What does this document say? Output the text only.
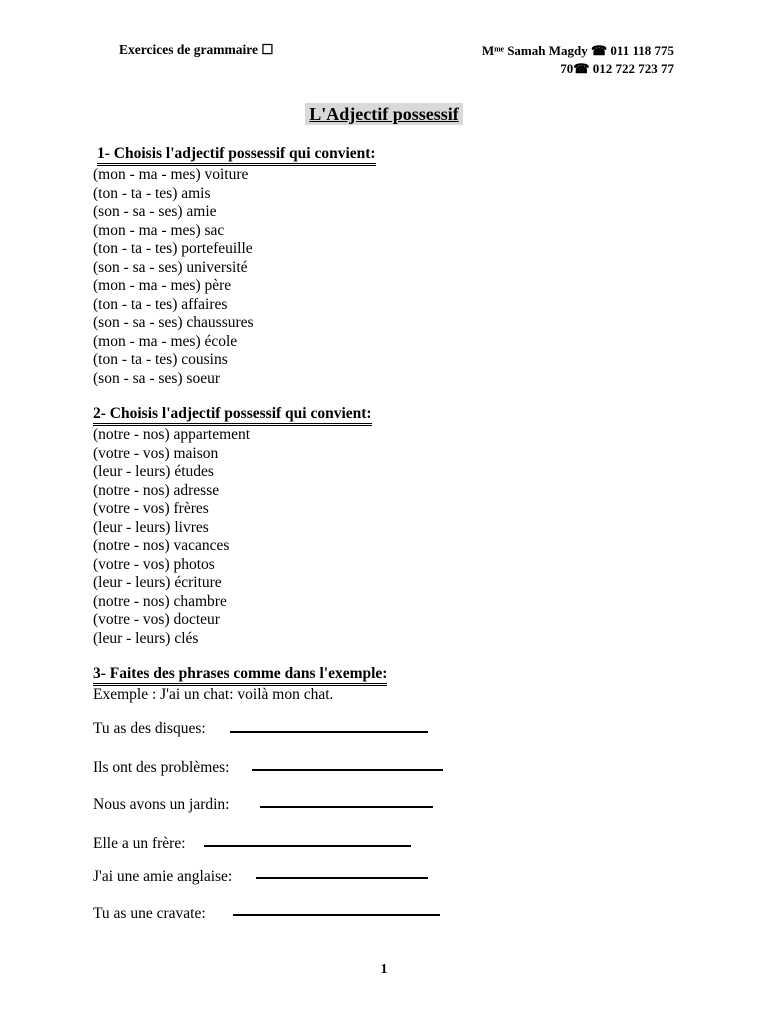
Exercices de grammaire ☐	Mᵐᵉ Samah Magdy ☎ 011 118 775
70☎ 012 722 723 77
L'Adjectif possessif
1- Choisis l'adjectif possessif qui convient:
(mon - ma - mes) voiture
(ton - ta - tes) amis
(son - sa - ses) amie
(mon - ma - mes) sac
(ton - ta - tes) portefeuille
(son - sa - ses) université
(mon - ma - mes) père
(ton - ta - tes) affaires
(son - sa - ses) chaussures
(mon - ma - mes) école
(ton - ta - tes) cousins
(son - sa - ses) soeur
2- Choisis l'adjectif possessif qui convient:
(notre - nos) appartement
(votre - vos) maison
(leur - leurs) études
(notre - nos) adresse
(votre - vos) frères
(leur - leurs) livres
(notre - nos) vacances
(votre - vos) photos
(leur - leurs) écriture
(notre - nos) chambre
(votre - vos) docteur
(leur - leurs) clés
3- Faites des phrases comme dans l'exemple:
Exemple : J'ai un chat: voilà mon chat.
Tu as des disques:
Ils ont des problèmes:
Nous avons un jardin:
Elle a un frère:
J'ai une amie anglaise:
Tu as une cravate:
1
